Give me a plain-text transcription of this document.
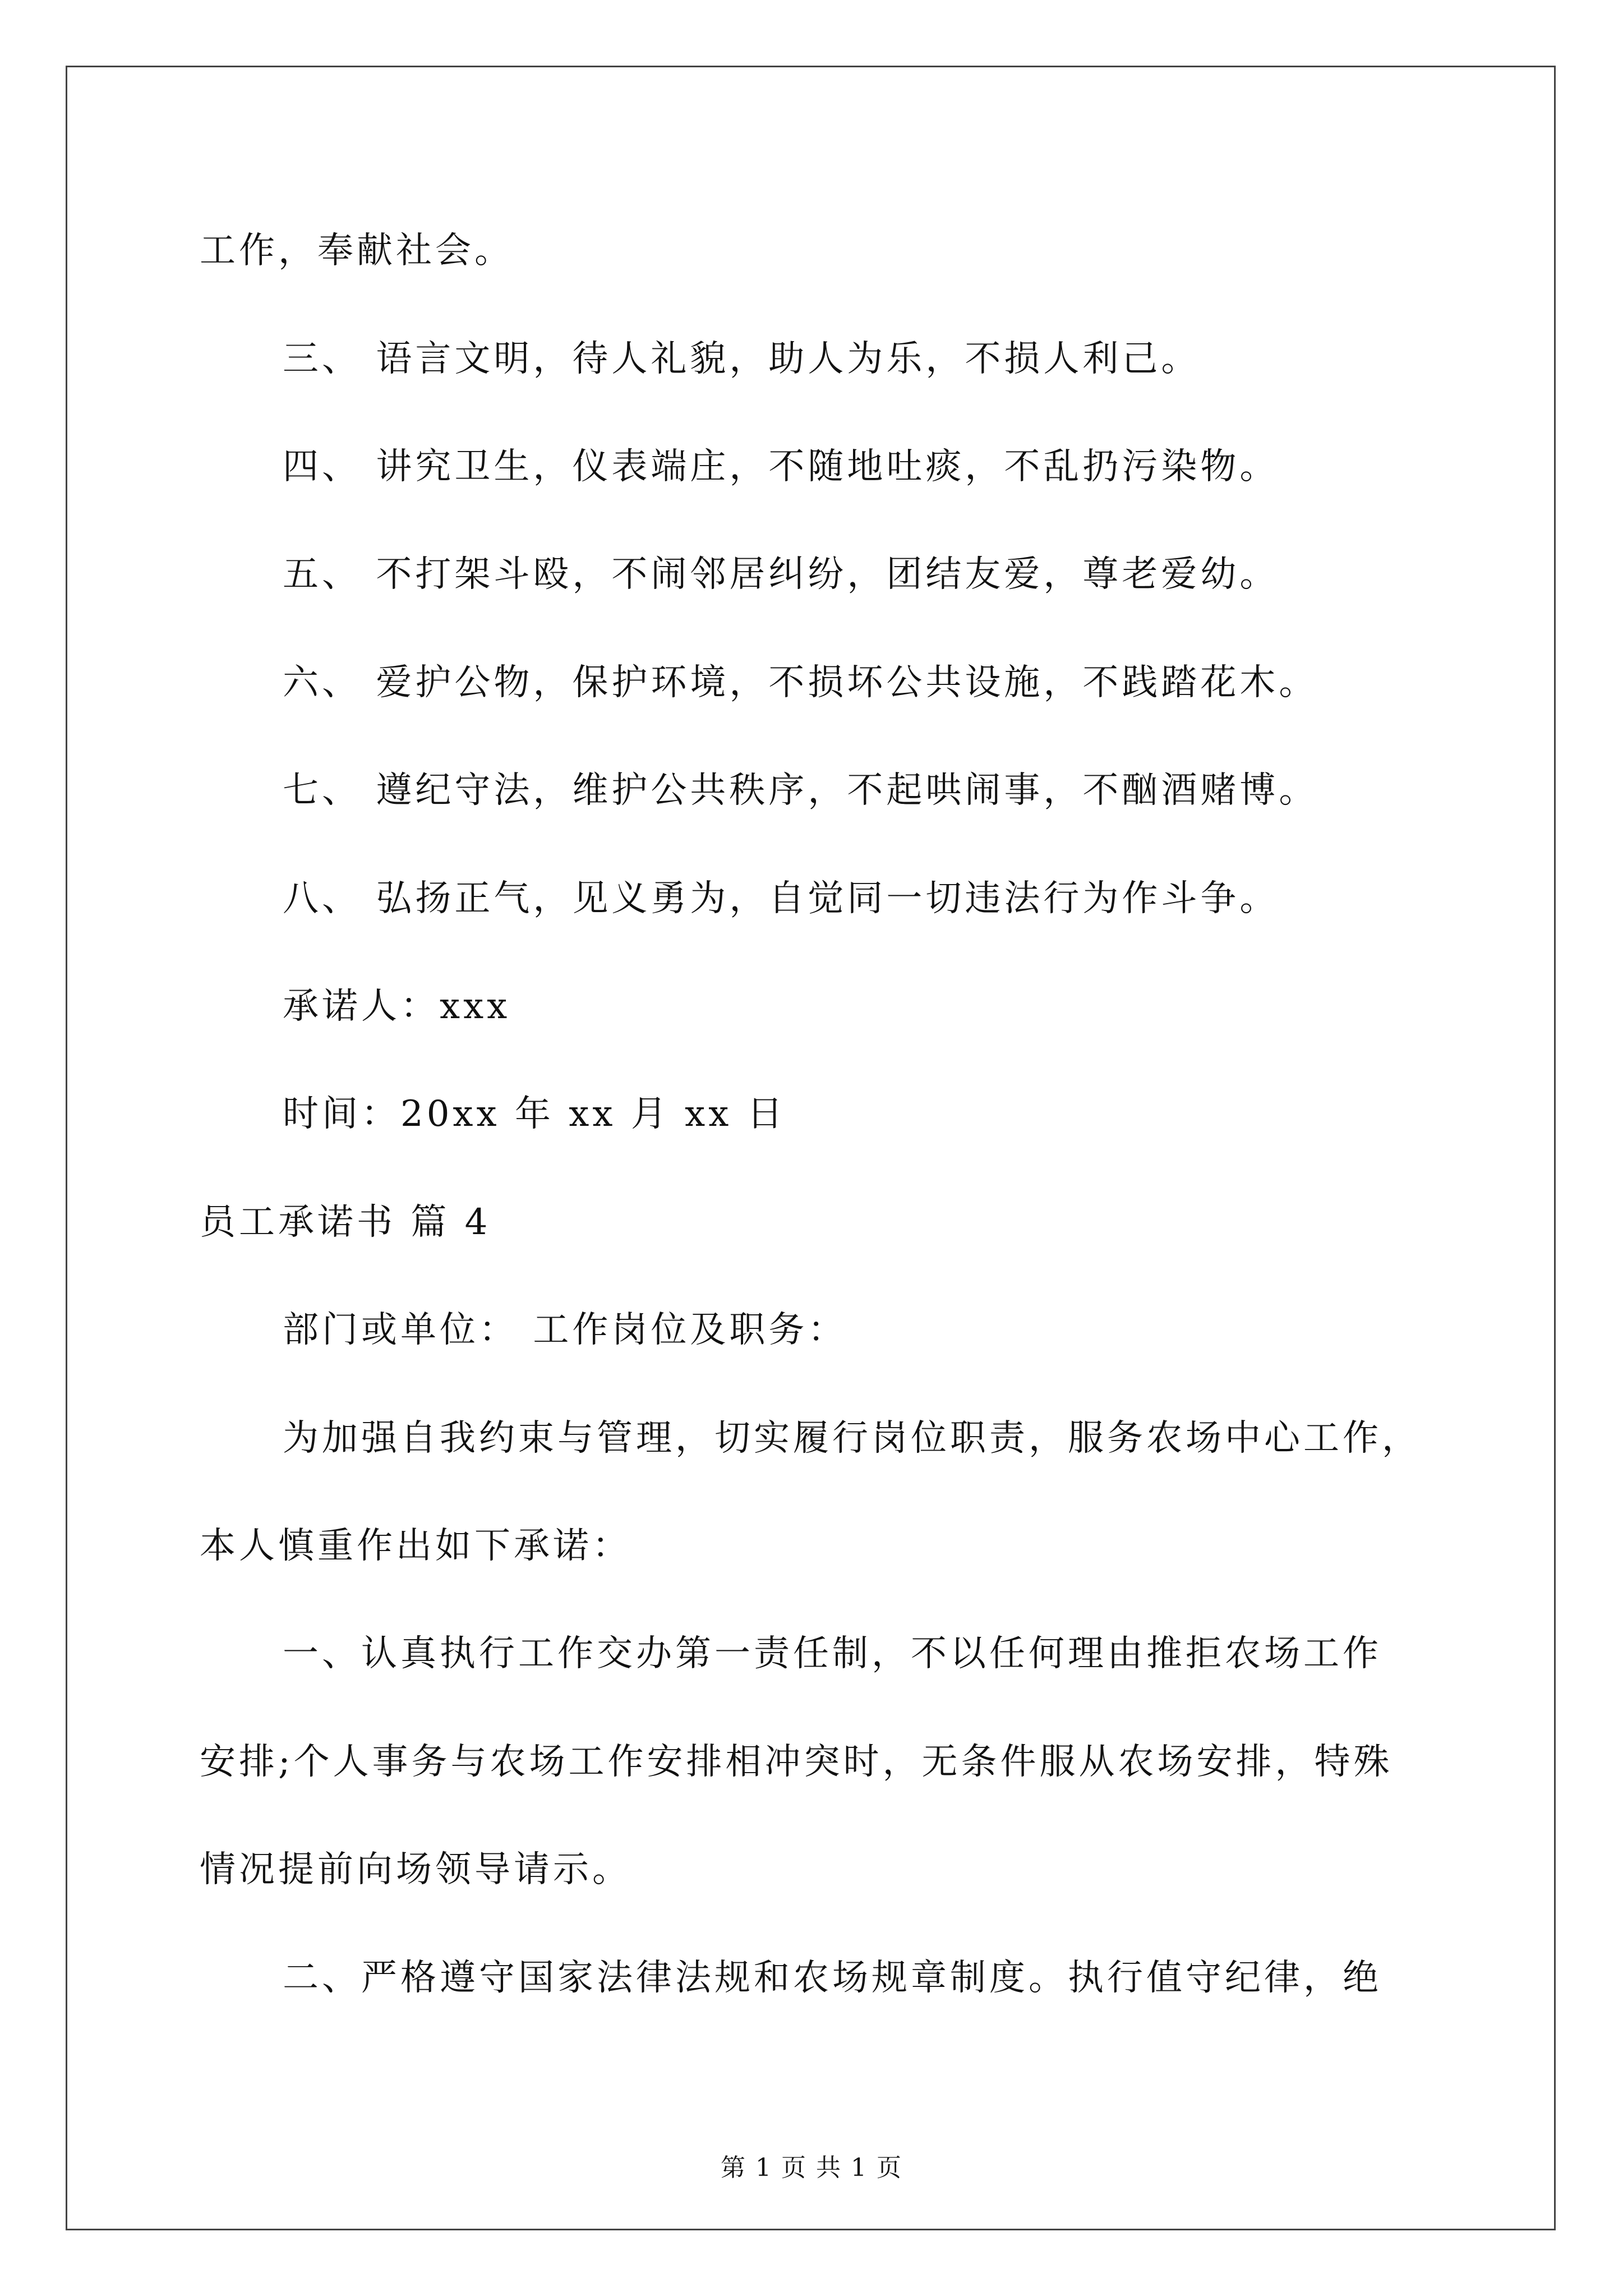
工作，奉献社会。
三、 语言文明，待人礼貌，助人为乐，不损人利己。
四、 讲究卫生，仪表端庄，不随地吐痰，不乱扔污染物。
五、 不打架斗殴，不闹邻居纠纷，团结友爱，尊老爱幼。
六、 爱护公物，保护环境，不损坏公共设施，不践踏花木。
七、 遵纪守法，维护公共秩序，不起哄闹事，不酗酒赌博。
八、 弘扬正气，见义勇为，自觉同一切违法行为作斗争。
承诺人：xxx
时间：20xx 年 xx 月 xx 日
员工承诺书 篇 4
部门或单位： 工作岗位及职务：
为加强自我约束与管理，切实履行岗位职责，服务农场中心工作，
本人慎重作出如下承诺：
一、认真执行工作交办第一责任制，不以任何理由推拒农场工作
安排;个人事务与农场工作安排相冲突时，无条件服从农场安排，特殊
情况提前向场领导请示。
二、严格遵守国家法律法规和农场规章制度。执行值守纪律，绝
第 1 页 共 1 页
